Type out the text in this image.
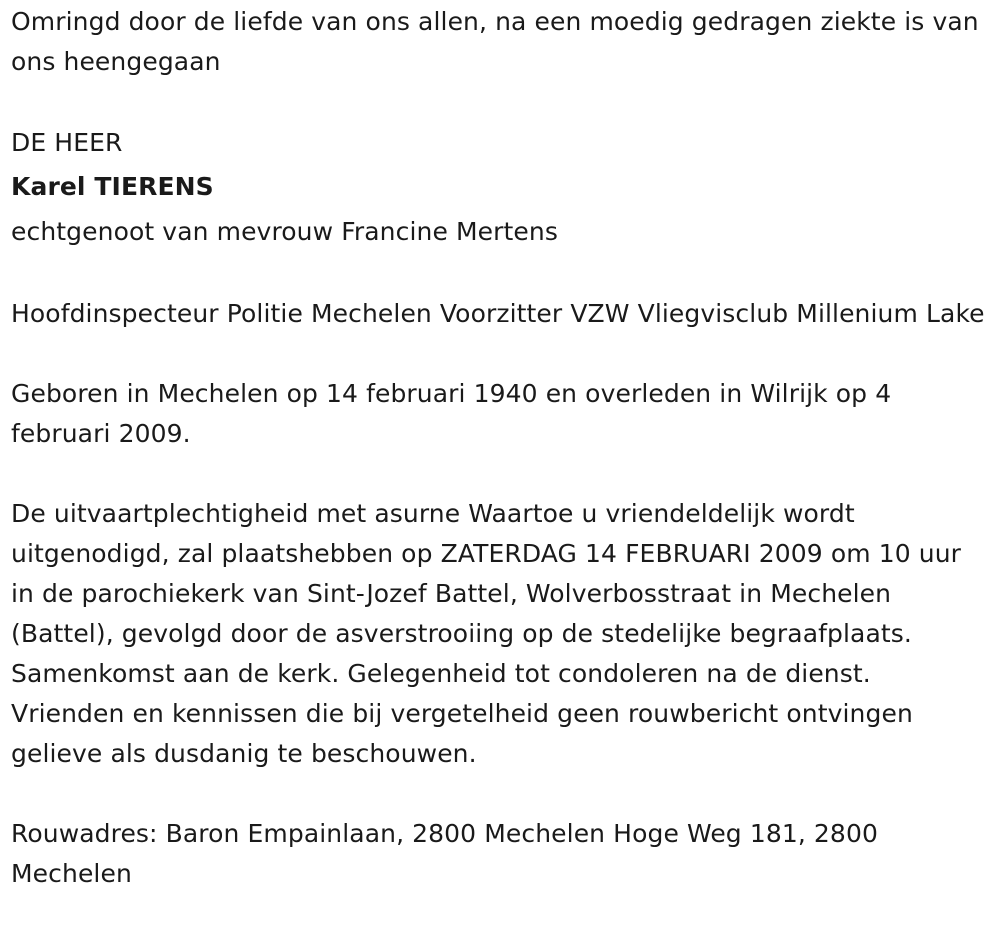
Omringd door de liefde van ons allen, na een moedig gedragen ziekte is van ons heengegaan

DE HEER

Karel TIERENS

echtgenoot van mevrouw Francine Mertens

Hoofdinspecteur Politie Mechelen Voorzitter VZW Vliegvisclub Millenium Lake

Geboren in Mechelen op 14 februari 1940 en overleden in Wilrijk op 4 februari 2009.

De uitvaartplechtigheid met asurne Waartoe u vriendeldelijk wordt uitgenodigd, zal plaatshebben op ZATERDAG 14 FEBRUARI 2009 om 10 uur in de parochiekerk van Sint-Jozef Battel, Wolverbosstraat in Mechelen (Battel), gevolgd door de asverstrooiing op de stedelijke begraafplaats. Samenkomst aan de kerk. Gelegenheid tot condoleren na de dienst. Vrienden en kennissen die bij vergetelheid geen rouwbericht ontvingen gelieve als dusdanig te beschouwen.

Rouwadres: Baron Empainlaan, 2800 Mechelen Hoge Weg 181, 2800 Mechelen
